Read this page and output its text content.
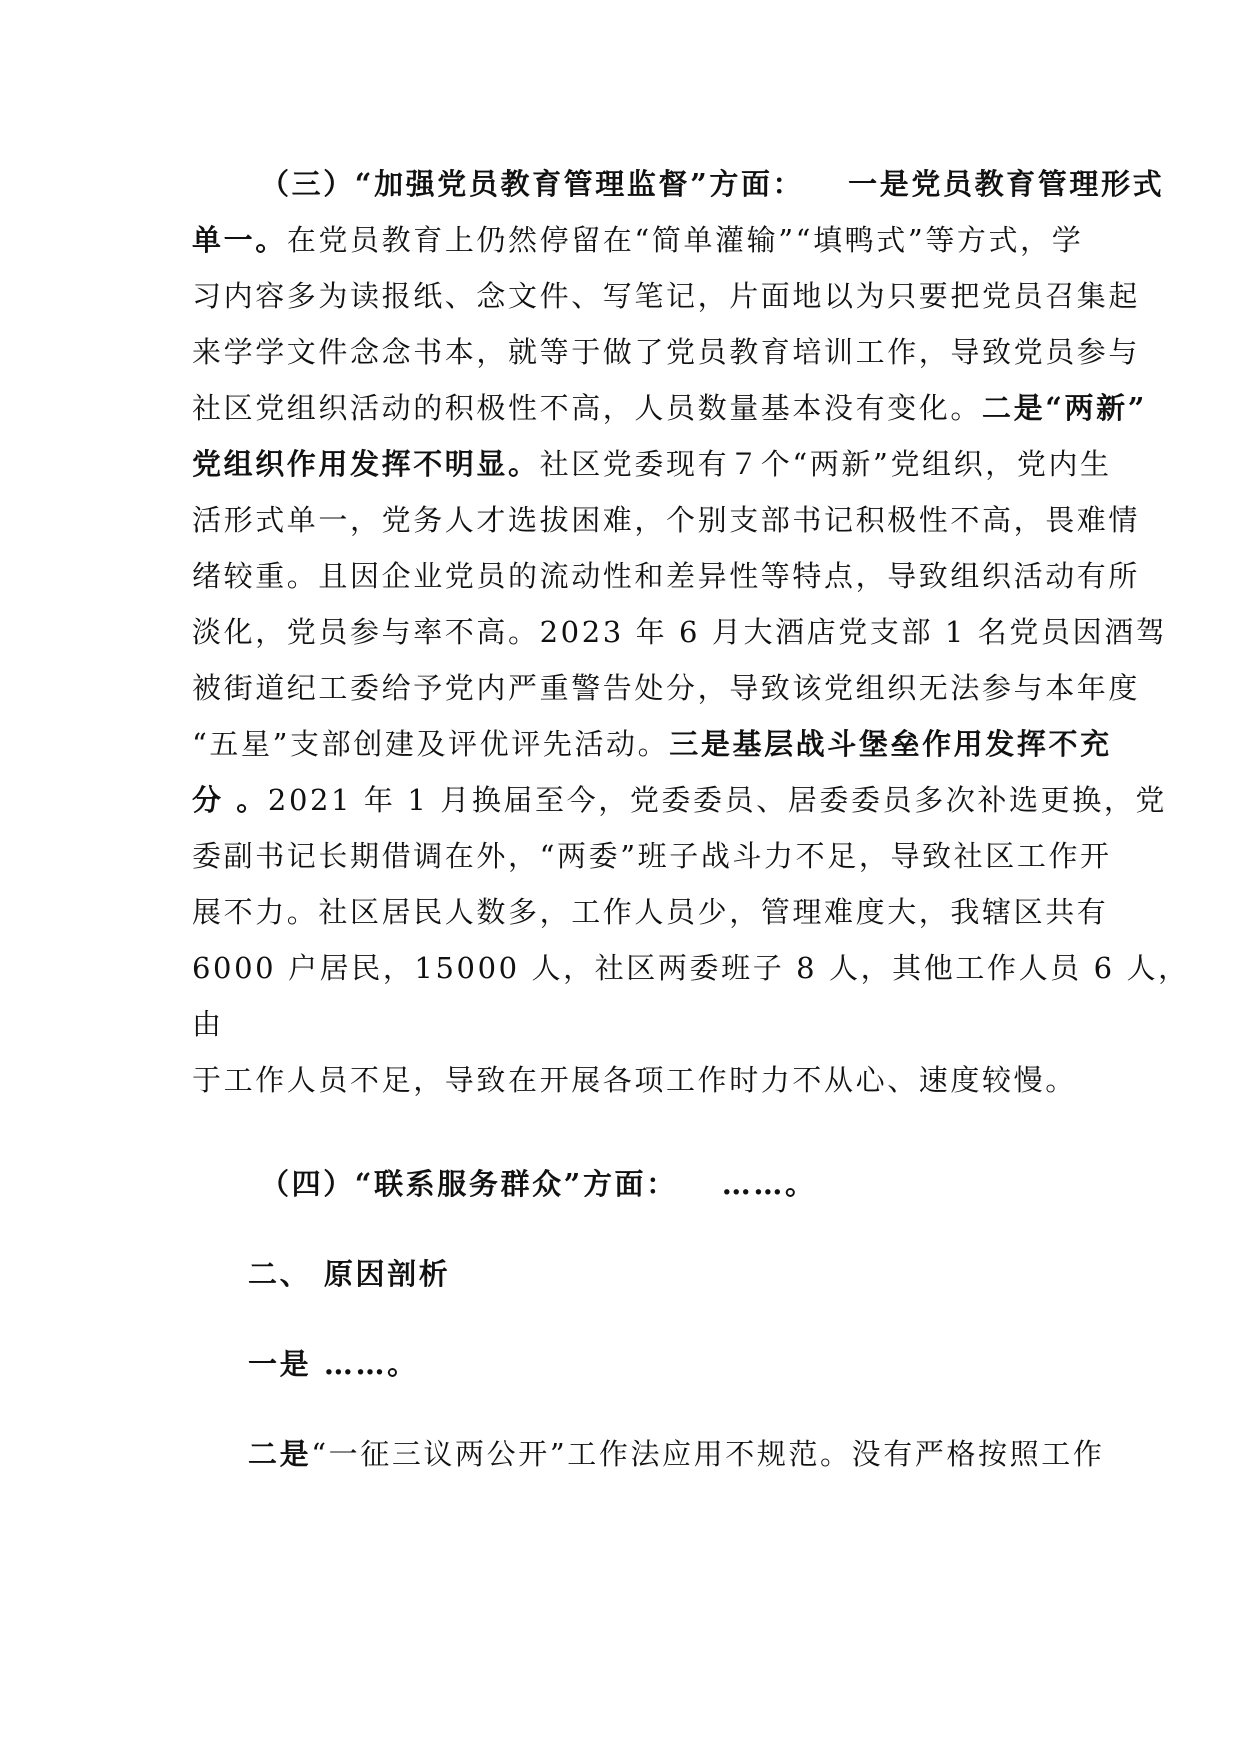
（三）“加强党员教育管理监督”方面： 一是党员教育管理形式
单一。在党员教育上仍然停留在“简单灌输”“填鸭式”等方式，学
习内容多为读报纸、念文件、写笔记，片面地以为只要把党员召集起
来学学文件念念书本，就等于做了党员教育培训工作，导致党员参与
社区党组织活动的积极性不高，人员数量基本没有变化。二是“两新”
党组织作用发挥不明显。社区党委现有７个“两新”党组织，党内生
活形式单一，党务人才选拔困难，个别支部书记积极性不高，畏难情
绪较重。且因企业党员的流动性和差异性等特点，导致组织活动有所
淡化，党员参与率不高。2023 年 6 月大酒店党支部 1 名党员因酒驾
被街道纪工委给予党内严重警告处分，导致该党组织无法参与本年度
“五星”支部创建及评优评先活动。三是基层战斗堡垒作用发挥不充
分 。2021 年 1 月换届至今，党委委员、居委委员多次补选更换，党
委副书记长期借调在外，“两委”班子战斗力不足，导致社区工作开
展不力。社区居民人数多，工作人员少，管理难度大，我辖区共有
6000 户居民，15000 人，社区两委班子 8 人，其他工作人员 6 人，
由
于工作人员不足，导致在开展各项工作时力不从心、速度较慢。
（四）“联系服务群众”方面： ……。
二、 原因剖析
一是 ……。
二是“一征三议两公开”工作法应用不规范。没有严格按照工作
